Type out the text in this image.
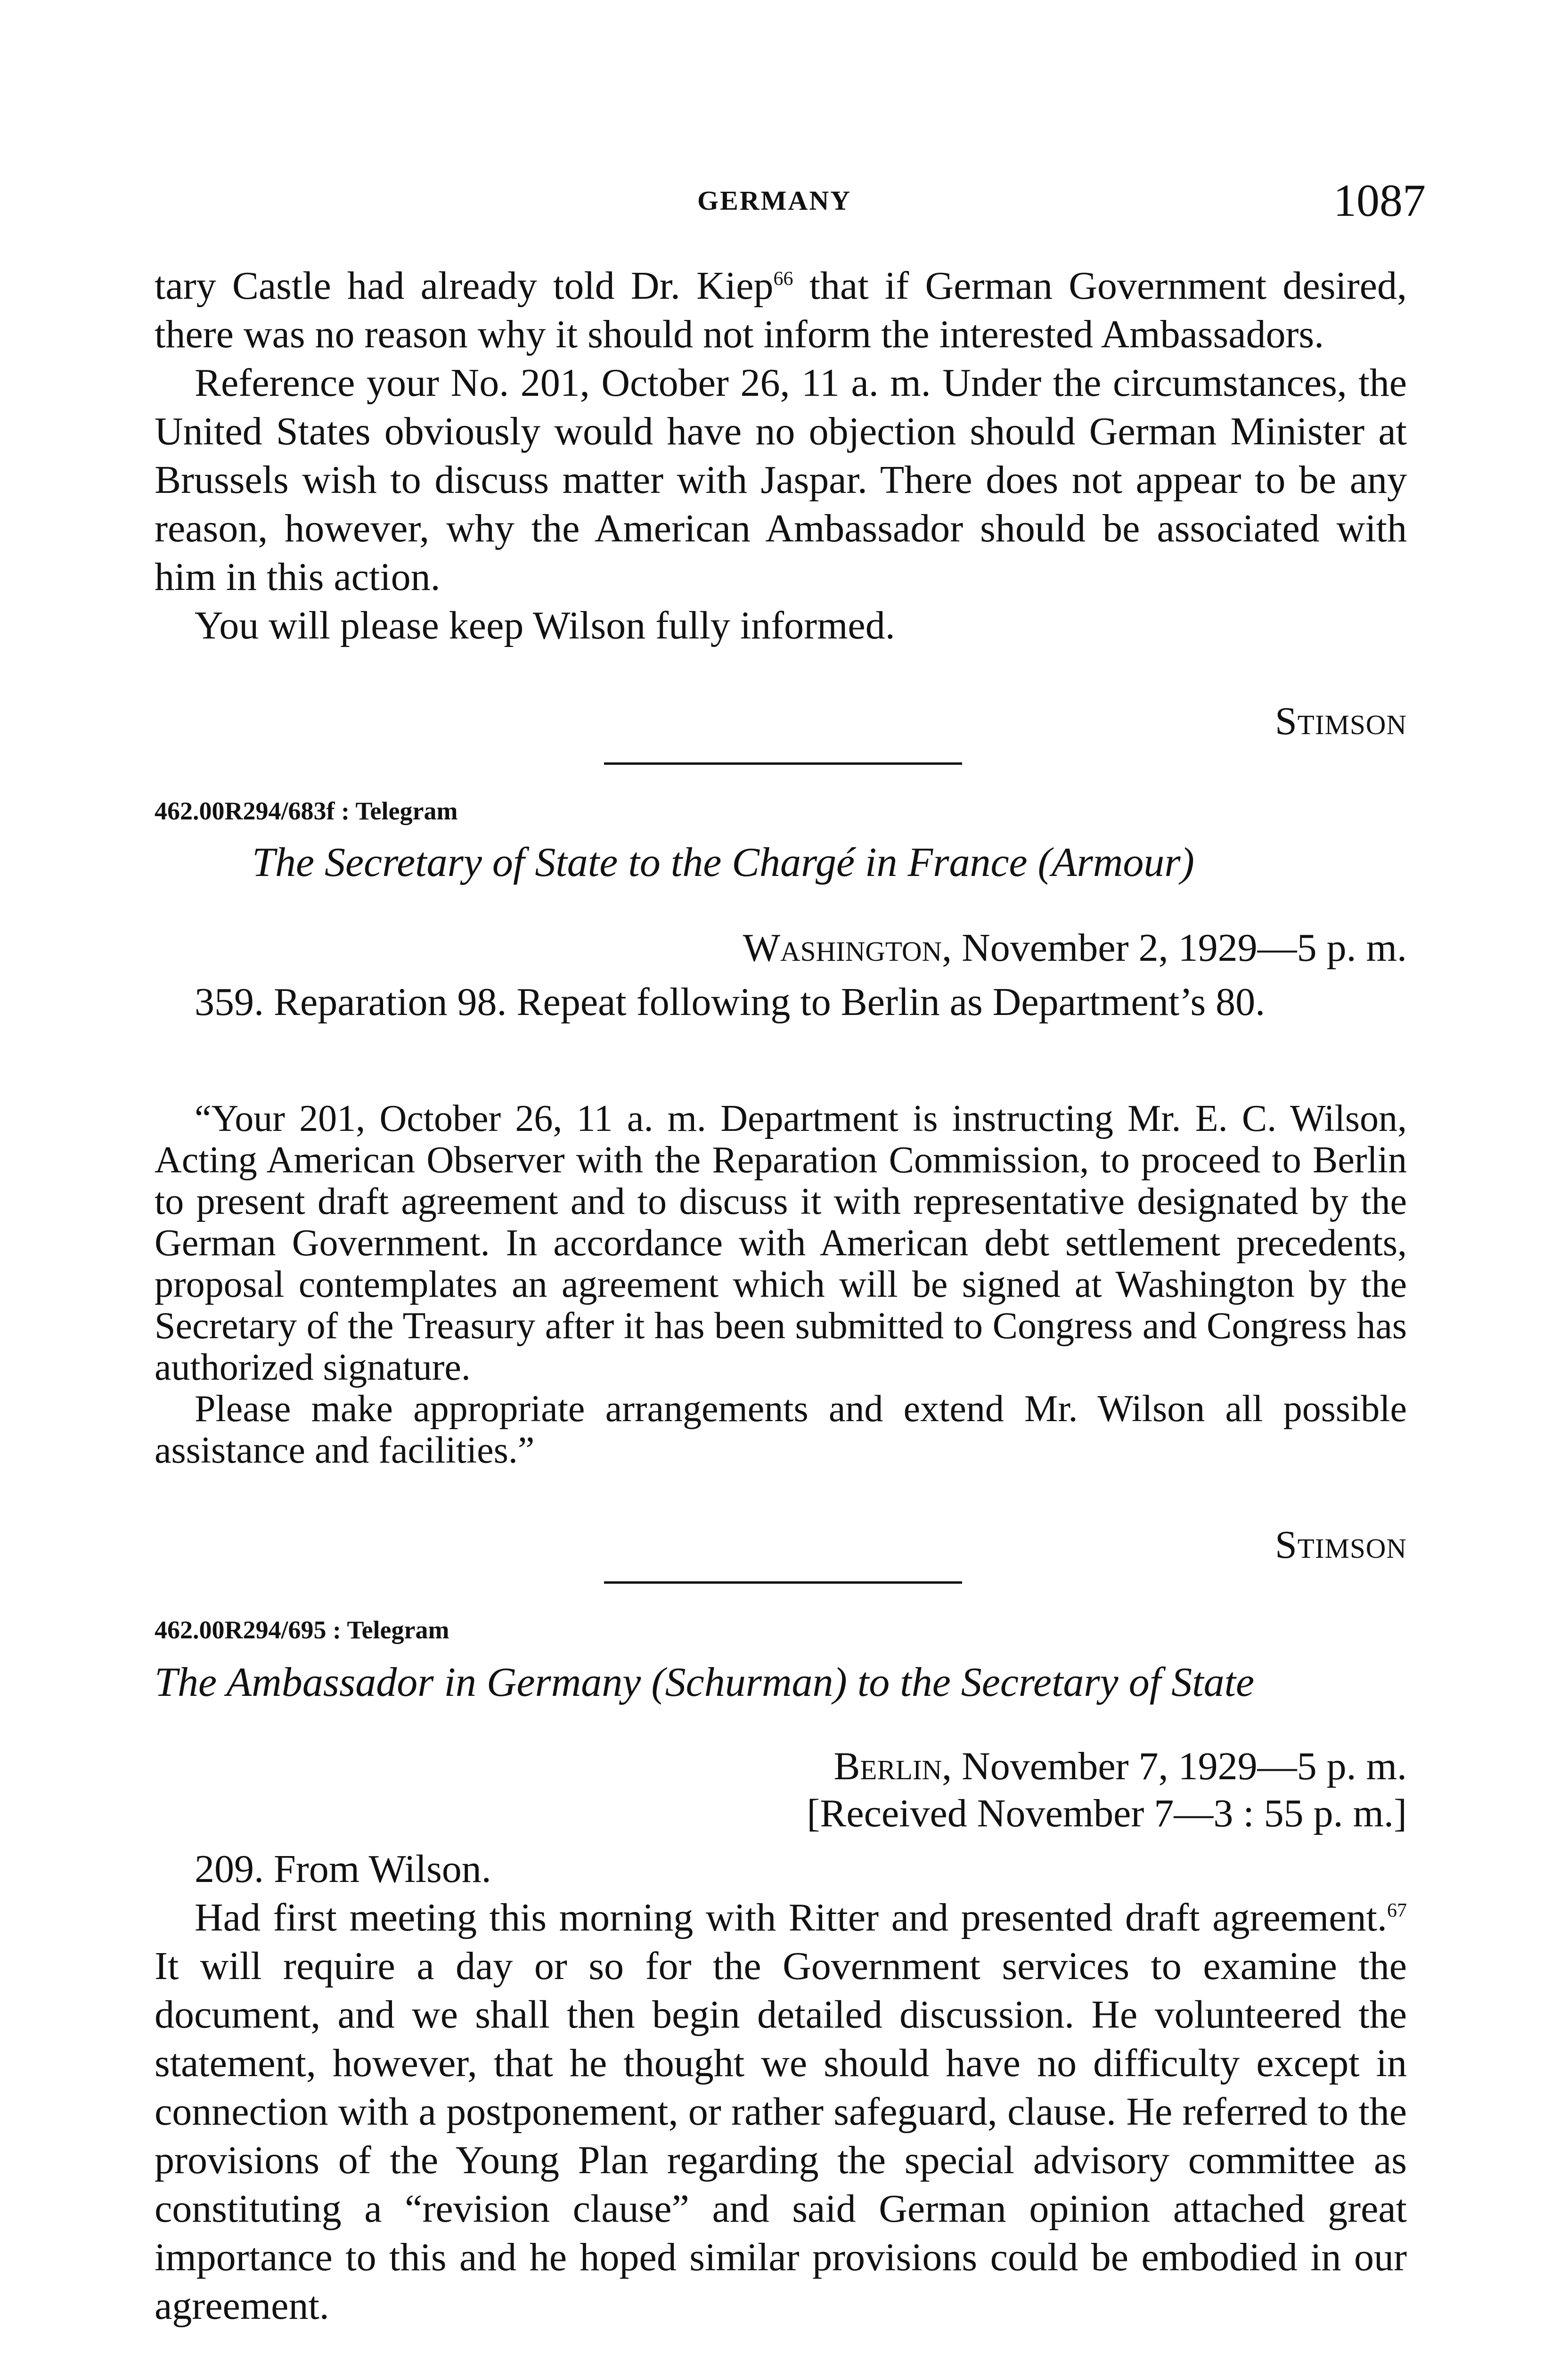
GERMANY	1087

tary Castle had already told Dr. Kiep$^{66}$ that if German Government desired, there was no reason why it should not inform the interested Ambassadors.

Reference your No. 201, October 26, 11 a. m. Under the circumstances, the United States obviously would have no objection should German Minister at Brussels wish to discuss matter with Jaspar. There does not appear to be any reason, however, why the American Ambassador should be associated with him in this action.

You will please keep Wilson fully informed.

Stimson
462.00R294/683f : Telegram
The Secretary of State to the Chargé in France (Armour)
Washington, November 2, 1929—5 p. m.

359. Reparation 98. Repeat following to Berlin as Department’s 80.

“Your 201, October 26, 11 a. m. Department is instructing Mr. E. C. Wilson, Acting American Observer with the Reparation Commission, to proceed to Berlin to present draft agreement and to discuss it with representative designated by the German Government. In accordance with American debt settlement precedents, proposal contemplates an agreement which will be signed at Washington by the Secretary of the Treasury after it has been submitted to Congress and Congress has authorized signature.

Please make appropriate arrangements and extend Mr. Wilson all possible assistance and facilities.”

Stimson
462.00R294/695 : Telegram
The Ambassador in Germany (Schurman) to the Secretary of State
Berlin, November 7, 1929—5 p. m.
[Received November 7—3 : 55 p. m.]

209. From Wilson.

Had first meeting this morning with Ritter and presented draft agreement.$^{67}$ It will require a day or so for the Government services to examine the document, and we shall then begin detailed discussion. He volunteered the statement, however, that he thought we should have no difficulty except in connection with a postponement, or rather safeguard, clause. He referred to the provisions of the Young Plan regarding the special advisory committee as constituting a “revision clause” and said German opinion attached great importance to this and he hoped similar provisions could be embodied in our agreement.
